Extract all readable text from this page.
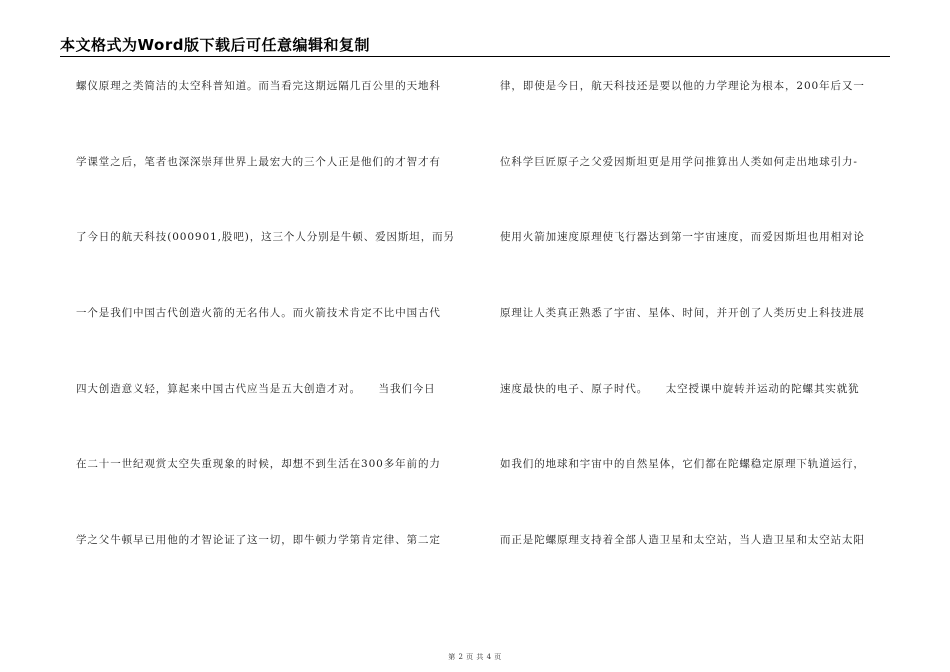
本文格式为Word版下载后可任意编辑和复制
螺仪原理之类简洁的太空科普知道。而当看完这期远隔几百公里的天地科
学课堂之后，笔者也深深崇拜世界上最宏大的三个人正是他们的才智才有
了今日的航天科技(000901,股吧)，这三个人分别是牛顿、爱因斯坦，而另
一个是我们中国古代创造火箭的无名伟人。而火箭技术肯定不比中国古代
四大创造意义轻，算起来中国古代应当是五大创造才对。　　当我们今日
在二十一世纪观赏太空失重现象的时候，却想不到生活在300多年前的力
学之父牛顿早已用他的才智论证了这一切，即牛顿力学第肯定律、第二定
律，即使是今日，航天科技还是要以他的力学理论为根本，200年后又一
位科学巨匠原子之父爱因斯坦更是用学问推算出人类如何走出地球引力-
使用火箭加速度原理使飞行器达到第一宇宙速度，而爱因斯坦也用相对论
原理让人类真正熟悉了宇宙、星体、时间，并开创了人类历史上科技进展
速度最快的电子、原子时代。　　太空授课中旋转并运动的陀螺其实就犹
如我们的地球和宇宙中的自然星体，它们都在陀螺稳定原理下轨道运行，
而正是陀螺原理支持着全部人造卫星和太空站，当人造卫星和太空站太阳
第 2 页 共 4 页
